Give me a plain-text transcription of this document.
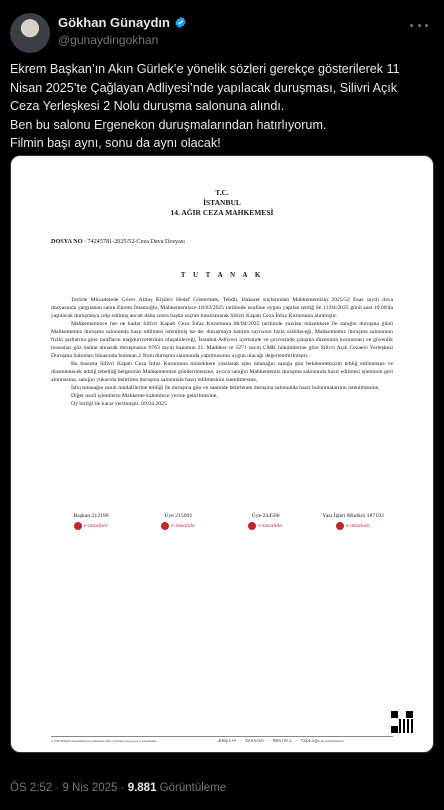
Gökhan Günaydın
@gunaydingokhan
Ekrem Başkan’ın Akın Gürlek’e yönelik sözleri gerekçe gösterilerek 11
Nisan 2025’te Çağlayan Adliyesi’nde yapılacak duruşması, Silivri Açık
Ceza Yerleşkesi 2 Nolu duruşma salonuna alındı.
Ben bu salonu Ergenekon duruşmalarından hatırlıyorum.
Filmin başı aynı, sonu da aynı olacak!
T.C.
İSTANBUL
14. AĞIR CEZA MAHKEMESİ
DOSYA NO : 74245781-2025/52-Ceza Dava Dosyası
T U T A N A K

Terörle Mücadelede Görev Almış Kişileri Hedef Göstermek, Tehdit, Hakaret suçlarından Mahkememizin 2025/52 Esas sayılı dava dosyasında yargılanan sanık Ekrem İmamoğlu, Mahkememizce 18/02/2025 tarihinde usulüne uygun yapılan tebliğ ile 11/04/2025 günü saat 10.00'da yapılacak duruşmaya celp edilmiş ancak daha sonra başka suçtan tutuklanarak Silivri Kapalı Ceza İnfaz Kurumuna alınmıştır.

Mahkememizce her ne kadar Silivri Kapalı Ceza İnfaz Kurumuna 08/04/2025 tarihinde yazılan müzekkere ile sanığın duruşma günü Mahkememiz duruşma salonunda hazır edilmesi istenilmiş ise de; duruşmaya katılım sayısının fazla olabileceği, Mahkememiz duruşma salonunun fiziki şartlarına göre tarafların mağduriyetlerinin oluşabileceği, İstanbul Adliyesi içerisinde ve çevresinde çalışma düzeninin korunması ve güvenlik hususları göz önüne alınarak duruşmanın 6763 sayılı kanunun 21. Maddesi ve 5271 sayılı CMK hükümlerine göre Silivri Açık Cezaevi Yerleşkesi Duruşma Salonları binasında bulunan 2 Nolu duruşma salonunda yapılmasının uygun olacağı değerlendirilmiştir.

Bu hususta Silivri Kapalı Ceza İnfaz Kurumuna müzekkere yazılarak işbu tutanağın sanığa gün beklenmeksizin tebliğ edilmesine ve düzenlenecek tebliğ tebellüğ belgesinin Mahkememize gönderilmesine, ayrıca sanığın Mahkememiz duruşma salonunda hazır edilmesi işleminin geri alınmasına, sanığın yukarıda belirtilen duruşma salonunda hazır edilmesinin istenilmesine,

İşbu tutanağın sanık müdafilerine tebliği ile duruşma gün ve saatinde belirlenen duruşma salonunda hazır bulunmalarının istenilmesine,

Diğer usuli işlemlerin Mahkeme kalemince yerine getirilmesine,

Oy birliği ile karar verilmiştir. 09.04.2025

Başkan 212190
e-imzalıdır
Üye 215091
e-imzalıdır
Üye 234500
e-imzalıdır
Yazı İşleri Müdürü 187193
e-imzalıdır
UYAP Bilişim Sisteminde bu doküman http://vatandas.uyap.gov.tr adresinden	3Hmyc+F - 4Xnhc8l - RRh7mlL - YZpL1g= ile erişebilirsiniz.
ÖS 2:52 · 9 Nis 2025 · 9.881 Görüntüleme
